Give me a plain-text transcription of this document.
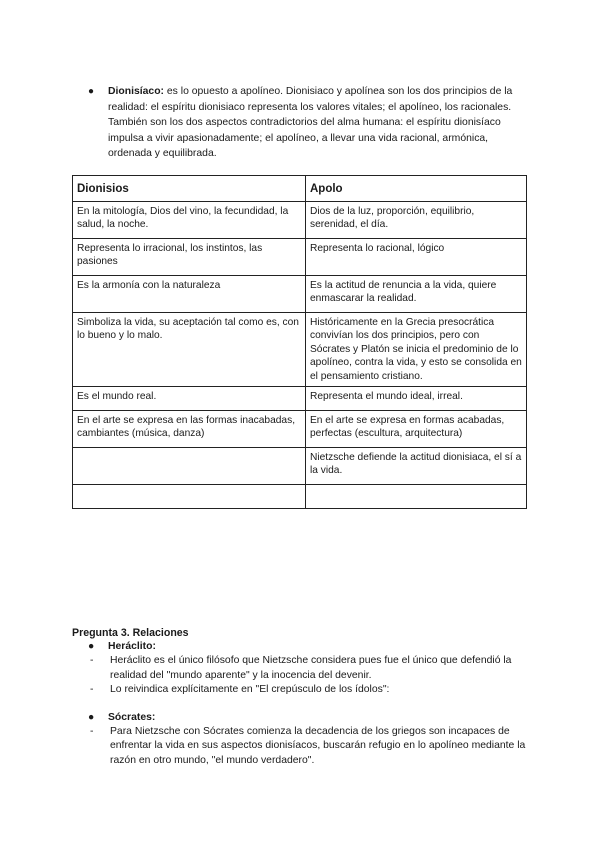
●	Dionisíaco: es lo opuesto a apolíneo. Dionisiaco y apolínea son los dos principios de la realidad: el espíritu dionisiaco representa los valores vitales; el apolíneo, los racionales. También son los dos aspectos contradictorios del alma humana: el espíritu dionisíaco impulsa a vivir apasionadamente; el apolíneo, a llevar una vida racional, armónica, ordenada y equilibrada.
Dionisios	Apolo
En la mitología, Dios del vino, la fecundidad, la salud, la noche.	Dios de la luz, proporción, equilibrio, serenidad, el día.
Representa lo irracional, los instintos, las pasiones	Representa lo racional, lógico
Es la armonía con la naturaleza	Es la actitud de renuncia a la vida, quiere enmascarar la realidad.
Simboliza la vida, su aceptación tal como es, con lo bueno y lo malo.	Históricamente en la Grecia presocrática convivían los dos principios, pero con Sócrates y Platón se inicia el predominio de lo apolíneo, contra la vida, y esto se consolida en el pensamiento cristiano.
Es el mundo real.	Representa el mundo ideal, irreal.
En el arte se expresa en las formas inacabadas, cambiantes (música, danza)	En el arte se expresa en formas acabadas, perfectas (escultura, arquitectura)
	Nietzsche defiende la actitud dionisiaca, el sí a la vida.

Pregunta 3. Relaciones
●	Heráclito:
-	Heráclito es el único filósofo que Nietzsche considera pues fue el único que defendió la realidad del "mundo aparente" y la inocencia del devenir.
-	Lo reivindica explícitamente en "El crepúsculo de los ídolos":
●	Sócrates:
-	Para Nietzsche con Sócrates comienza la decadencia de los griegos son incapaces de enfrentar la vida en sus aspectos dionisíacos, buscarán refugio en lo apolíneo mediante la razón en otro mundo, "el mundo verdadero".
